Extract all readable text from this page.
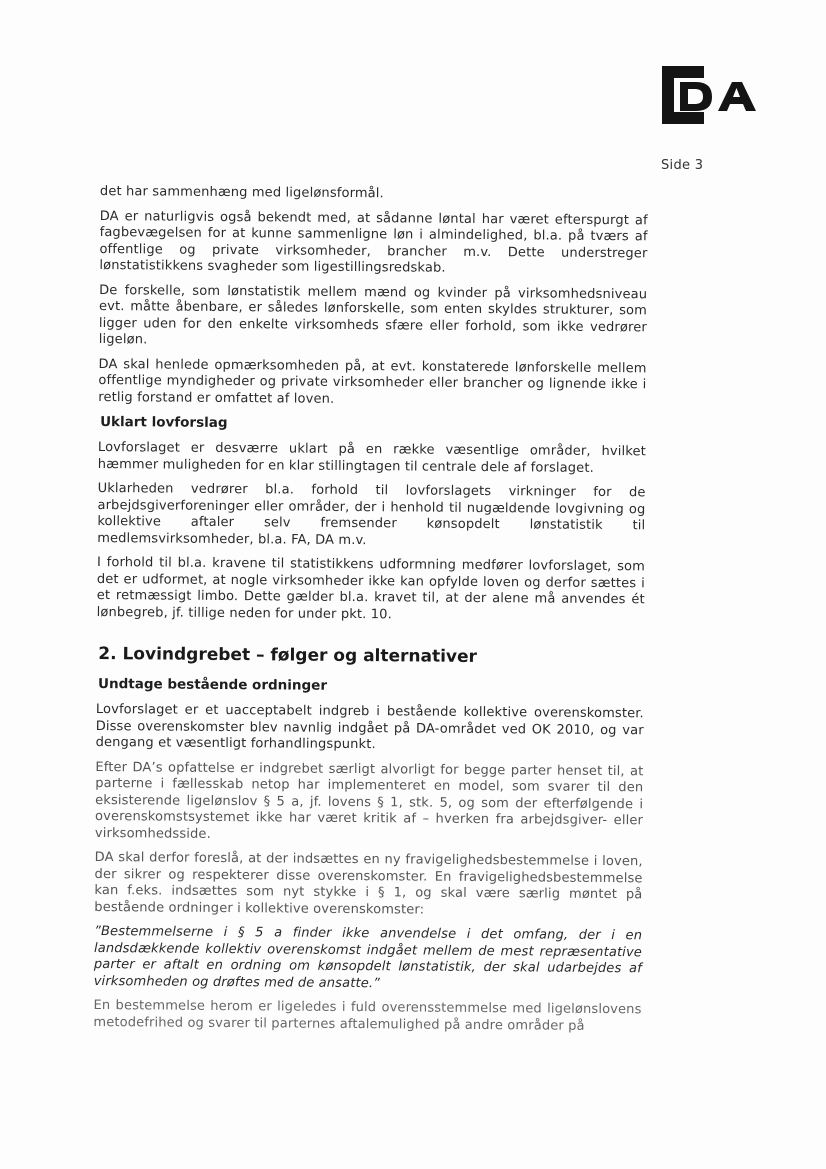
Side 3

det har sammenhæng med ligelønsformål.

DA er naturligvis også bekendt med, at sådanne løntal har været efterspurgt af fagbevægelsen for at kunne sammenligne løn i almindelighed, bl.a. på tværs af offentlige og private virksomheder, brancher m.v. Dette understreger lønstatistikkens svagheder som ligestillingsredskab.

De forskelle, som lønstatistik mellem mænd og kvinder på virksomhedsniveau evt. måtte åbenbare, er således lønforskelle, som enten skyldes strukturer, som ligger uden for den enkelte virksomheds sfære eller forhold, som ikke vedrører ligeløn.

DA skal henlede opmærksomheden på, at evt. konstaterede lønforskelle mellem offentlige myndigheder og private virksomheder eller brancher og lignende ikke i retlig forstand er omfattet af loven.

Uklart lovforslag

Lovforslaget er desværre uklart på en række væsentlige områder, hvilket hæmmer muligheden for en klar stillingtagen til centrale dele af forslaget.

Uklarheden vedrører bl.a. forhold til lovforslagets virkninger for de arbejdsgiverforeninger eller områder, der i henhold til nugældende lovgivning og kollektive aftaler selv fremsender kønsopdelt lønstatistik til medlemsvirksomheder, bl.a. FA, DA m.v.

I forhold til bl.a. kravene til statistikkens udformning medfører lovforslaget, som det er udformet, at nogle virksomheder ikke kan opfylde loven og derfor sættes i et retmæssigt limbo. Dette gælder bl.a. kravet til, at der alene må anvendes ét lønbegreb, jf. tillige neden for under pkt. 10.

2. Lovindgrebet – følger og alternativer
Undtage bestående ordninger

Lovforslaget er et uacceptabelt indgreb i bestående kollektive overenskomster. Disse overenskomster blev navnlig indgået på DA-området ved OK 2010, og var dengang et væsentligt forhandlingspunkt.

Efter DA’s opfattelse er indgrebet særligt alvorligt for begge parter henset til, at parterne i fællesskab netop har implementeret en model, som svarer til den eksisterende ligelønslov § 5 a, jf. lovens § 1, stk. 5, og som der efterfølgende i overenskomstsystemet ikke har været kritik af – hverken fra arbejdsgiver- eller virksomhedsside.

DA skal derfor foreslå, at der indsættes en ny fravigelighedsbestemmelse i loven, der sikrer og respekterer disse overenskomster. En fravigelighedsbestemmelse kan f.eks. indsættes som nyt stykke i § 1, og skal være særlig møntet på bestående ordninger i kollektive overenskomster:

”Bestemmelserne i § 5 a finder ikke anvendelse i det omfang, der i en landsdækkende kollektiv overenskomst indgået mellem de mest repræsentative parter er aftalt en ordning om kønsopdelt lønstatistik, der skal udarbejdes af virksomheden og drøftes med de ansatte.”

En bestemmelse herom er ligeledes i fuld overensstemmelse med ligelønslovens metodefrihed og svarer til parternes aftalemulighed på andre områder på
